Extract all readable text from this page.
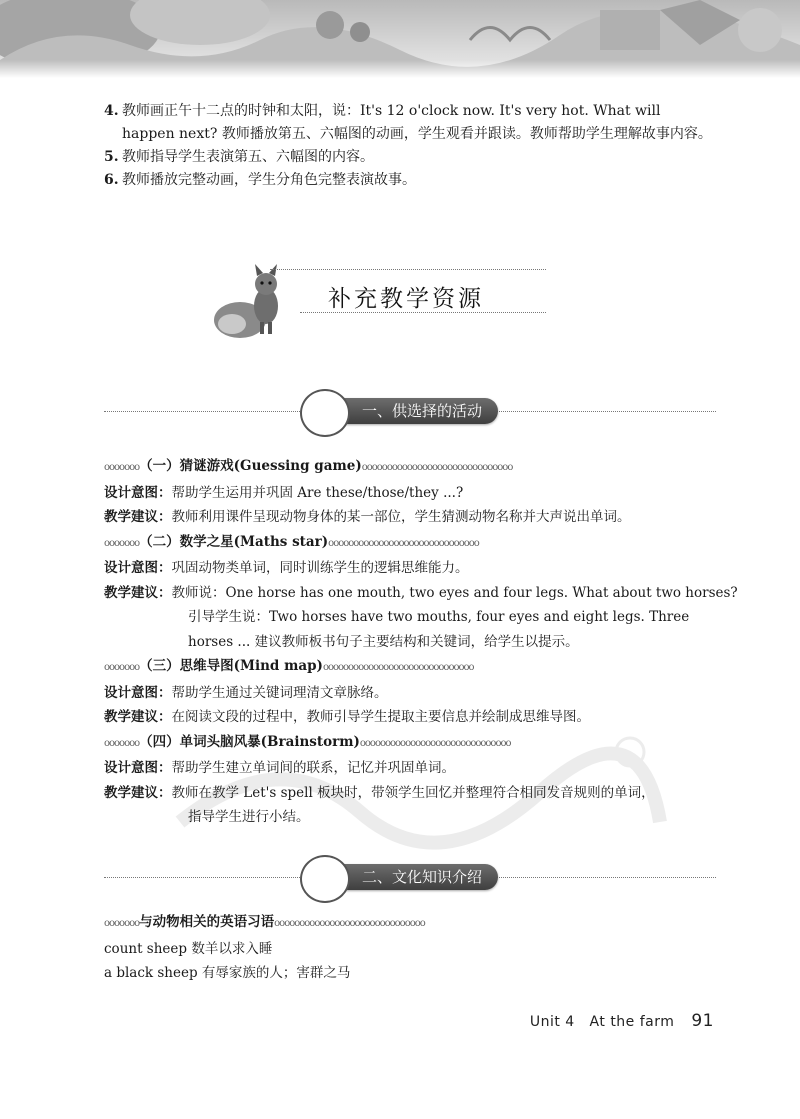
4. 教师画正午十二点的时钟和太阳，说：It's 12 o'clock now. It's very hot. What will happen next? 教师播放第五、六幅图的动画，学生观看并跟读。教师帮助学生理解故事内容。
5. 教师指导学生表演第五、六幅图的内容。
6. 教师播放完整动画，学生分角色完整表演故事。
补充教学资源
一、供选择的活动
ooooooo（一）猜谜游戏(Guessing game)oooooooooooooooooooooooooooooo
设计意图：帮助学生运用并巩固 Are these/those/they ...?
教学建议：教师利用课件呈现动物身体的某一部位，学生猜测动物名称并大声说出单词。
ooooooo（二）数学之星(Maths star)oooooooooooooooooooooooooooooo
设计意图：巩固动物类单词，同时训练学生的逻辑思维能力。
教学建议：教师说：One horse has one mouth, two eyes and four legs. What about two horses?
引导学生说：Two horses have two mouths, four eyes and eight legs. Three horses ... 建议教师板书句子主要结构和关键词，给学生以提示。
ooooooo（三）思维导图(Mind map)oooooooooooooooooooooooooooooo
设计意图：帮助学生通过关键词理清文章脉络。
教学建议：在阅读文段的过程中，教师引导学生提取主要信息并绘制成思维导图。
ooooooo（四）单词头脑风暴(Brainstorm)oooooooooooooooooooooooooooooo
设计意图：帮助学生建立单词间的联系，记忆并巩固单词。
教学建议：教师在教学 Let's spell 板块时，带领学生回忆并整理符合相同发音规则的单词，
指导学生进行小结。
二、文化知识介绍
ooooooo与动物相关的英语习语oooooooooooooooooooooooooooooo
count sheep 数羊以求入睡
a black sheep 有辱家族的人；害群之马
Unit 4 At the farm 91
